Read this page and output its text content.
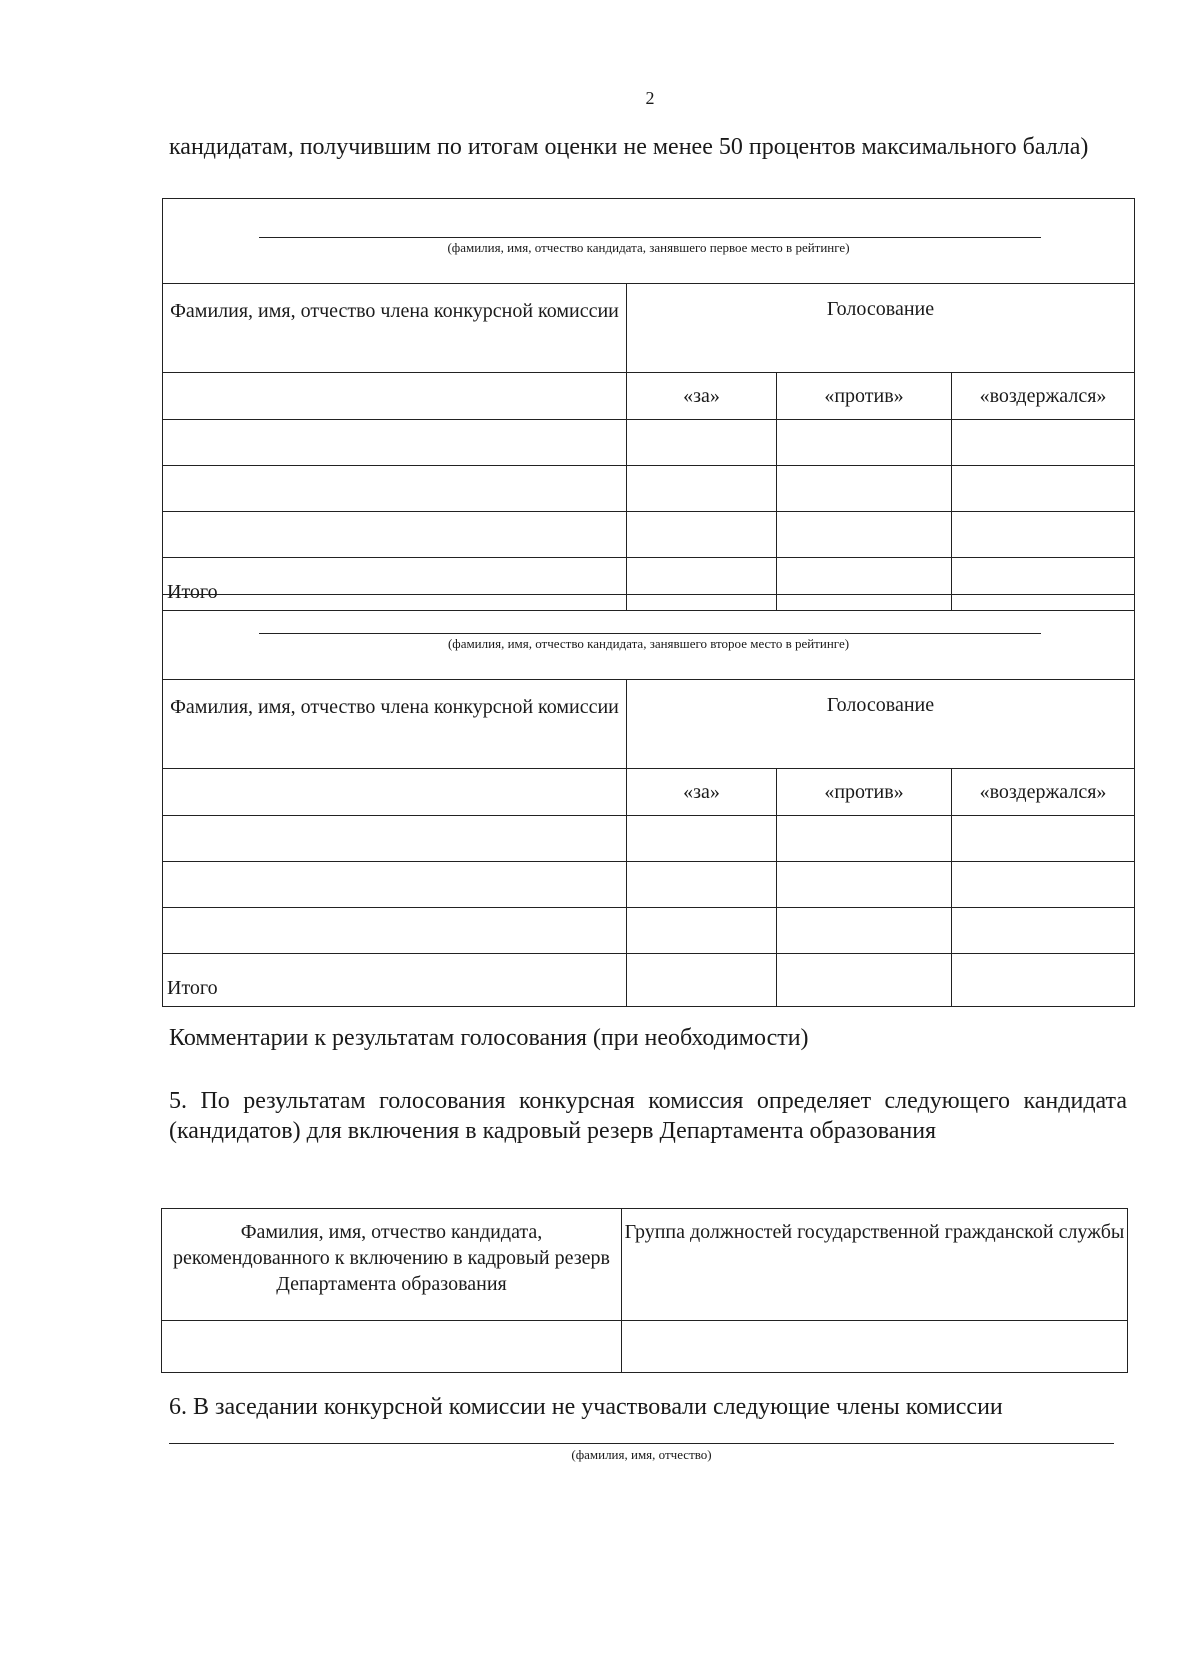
2
кандидатам, получившим по итогам оценки не менее 50 процентов максимального балла)
(фамилия, имя, отчество кандидата, занявшего первое место в рейтинге)			

Фамилия, имя, отчество члена конкурсной комиссии	Голосование		
	«за»	«против»	«воздержался»

Итого			
(фамилия, имя, отчество кандидата, занявшего второе место в рейтинге)			

Фамилия, имя, отчество члена конкурсной комиссии	Голосование		
	«за»	«против»	«воздержался»

Итого			
Комментарии к результатам голосования (при необходимости)
5. По результатам голосования конкурсная комиссия определяет следующего кандидата (кандидатов) для включения в кадровый резерв Департамента образования
Фамилия, имя, отчество кандидата, рекомендованного к включению в кадровый резерв Департамента образования	Группа должностей государственной гражданской службы

6. В заседании конкурсной комиссии не участвовали следующие члены комиссии
(фамилия, имя, отчество)
